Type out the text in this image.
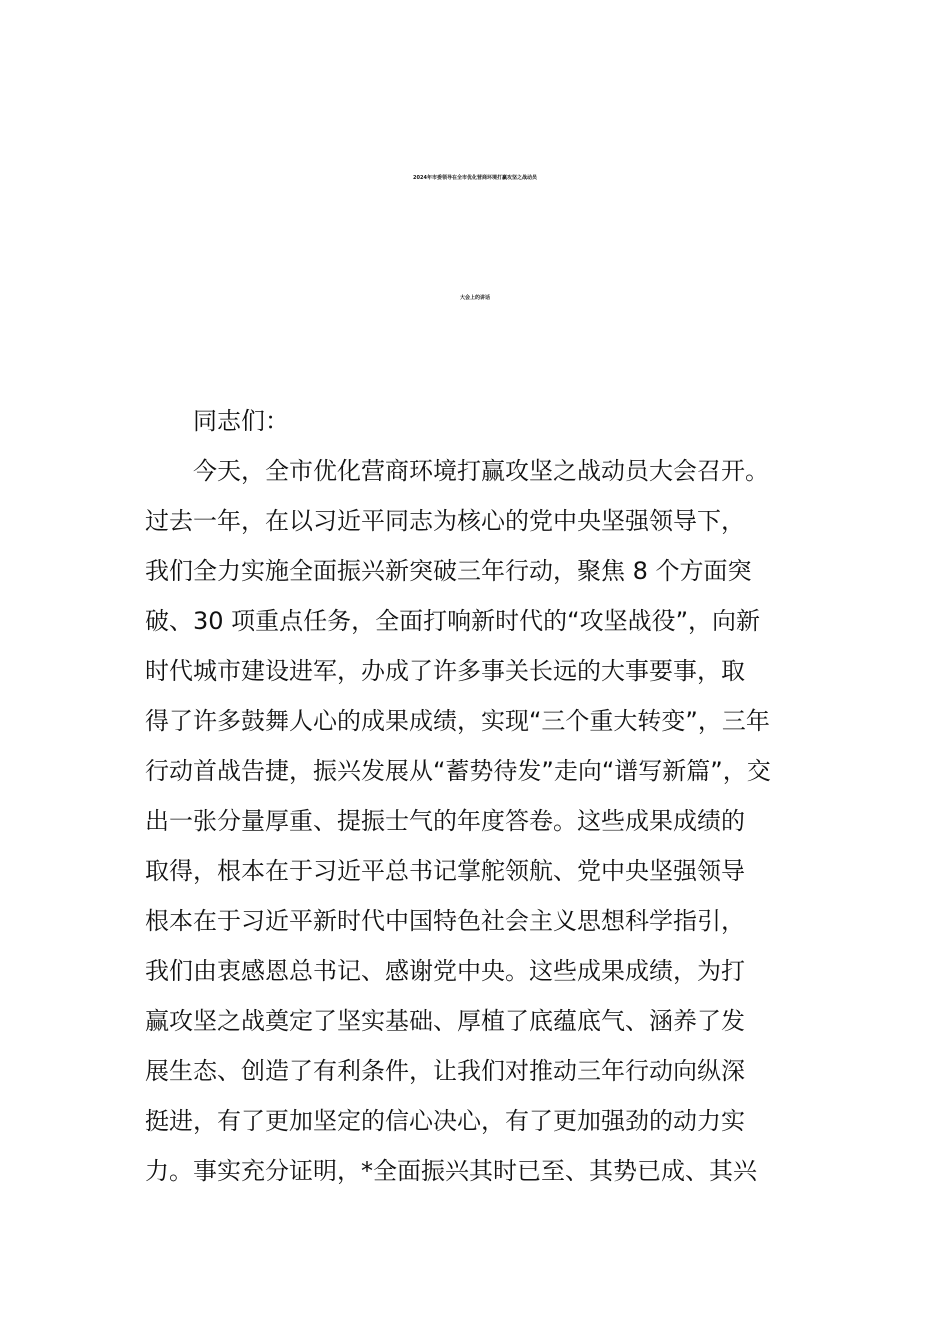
2024年市委领导在全市优化营商环境打赢攻坚之战动员
大会上的讲话
同志们：
今天，全市优化营商环境打赢攻坚之战动员大会召开。
过去一年，在以习近平同志为核心的党中央坚强领导下，
我们全力实施全面振兴新突破三年行动，聚焦 8 个方面突
破、30 项重点任务，全面打响新时代的“攻坚战役”，向新
时代城市建设进军，办成了许多事关长远的大事要事，取
得了许多鼓舞人心的成果成绩，实现“三个重大转变”，三年
行动首战告捷，振兴发展从“蓄势待发”走向“谱写新篇”，交
出一张分量厚重、提振士气的年度答卷。这些成果成绩的
取得，根本在于习近平总书记掌舵领航、党中央坚强领导
根本在于习近平新时代中国特色社会主义思想科学指引，
我们由衷感恩总书记、感谢党中央。这些成果成绩，为打
赢攻坚之战奠定了坚实基础、厚植了底蕴底气、涵养了发
展生态、创造了有利条件，让我们对推动三年行动向纵深
挺进，有了更加坚定的信心决心，有了更加强劲的动力实
力。事实充分证明，*全面振兴其时已至、其势已成、其兴
